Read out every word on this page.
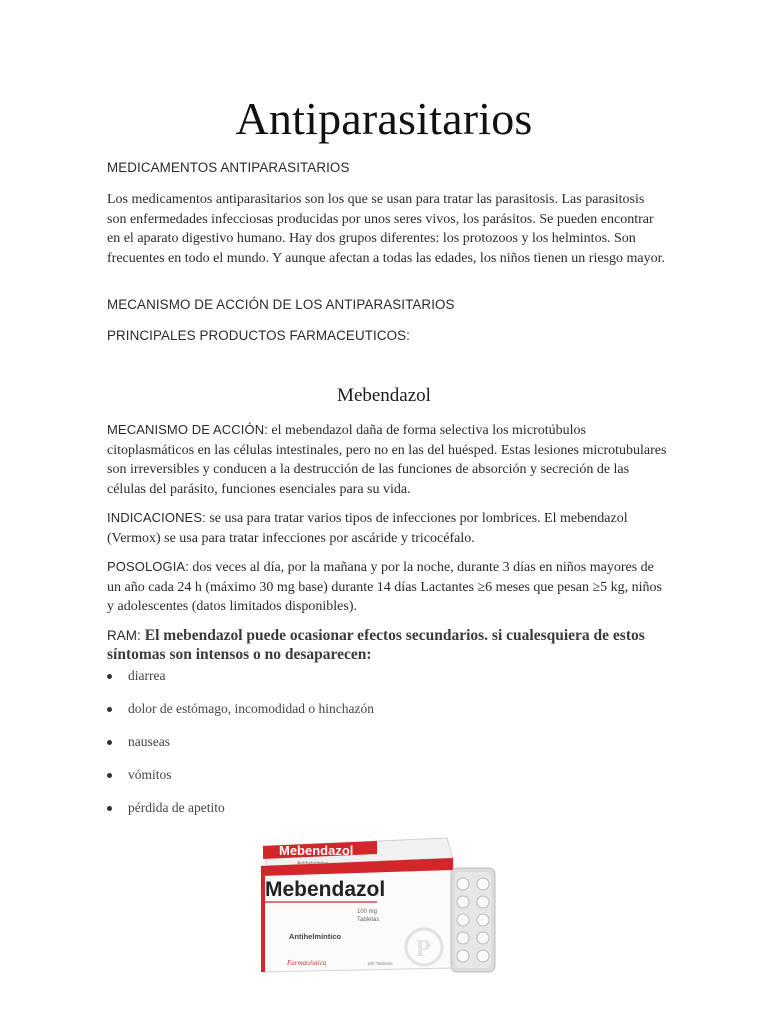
Antiparasitarios
MEDICAMENTOS ANTIPARASITARIOS

Los medicamentos antiparasitarios son los que se usan para tratar las parasitosis. Las parasitosis son enfermedades infecciosas producidas por unos seres vivos, los parásitos. Se pueden encontrar en el aparato digestivo humano. Hay dos grupos diferentes: los protozoos y los helmintos. Son frecuentes en todo el mundo. Y aunque afectan a todas las edades, los niños tienen un riesgo mayor.

MECANISMO DE ACCIÓN DE LOS ANTIPARASITARIOS
PRINCIPALES PRODUCTOS FARMACEUTICOS:
Mebendazol

MECANISMO DE ACCIÓN: el mebendazol daña de forma selectiva los microtúbulos citoplasmáticos en las células intestinales, pero no en las del huésped. Estas lesiones microtubulares son irreversibles y conducen a la destrucción de las funciones de absorción y secreción de las células del parásito, funciones esenciales para su vida.

INDICACIONES: se usa para tratar varios tipos de infecciones por lombrices. El mebendazol (Vermox) se usa para tratar infecciones por ascáride y tricocéfalo.

POSOLOGIA: dos veces al día, por la mañana y por la noche, durante 3 días en niños mayores de un año cada 24 h (máximo 30 mg base) durante 14 días Lactantes ≥6 meses que pesan ≥5 kg, niños y adolescentes (datos limitados disponibles).

RAM: El mebendazol puede ocasionar efectos secundarios. si cualesquiera de estos síntomas son intensos o no desaparecen:

diarrea
dolor de estómago, incomodidad o hinchazón
nauseas
vómitos
pérdida de apetito
Mebendazol
Mebendazol
100 mg
Tabletas
Antihelmíntico	P
Farmacéutica	100 Tabletas
